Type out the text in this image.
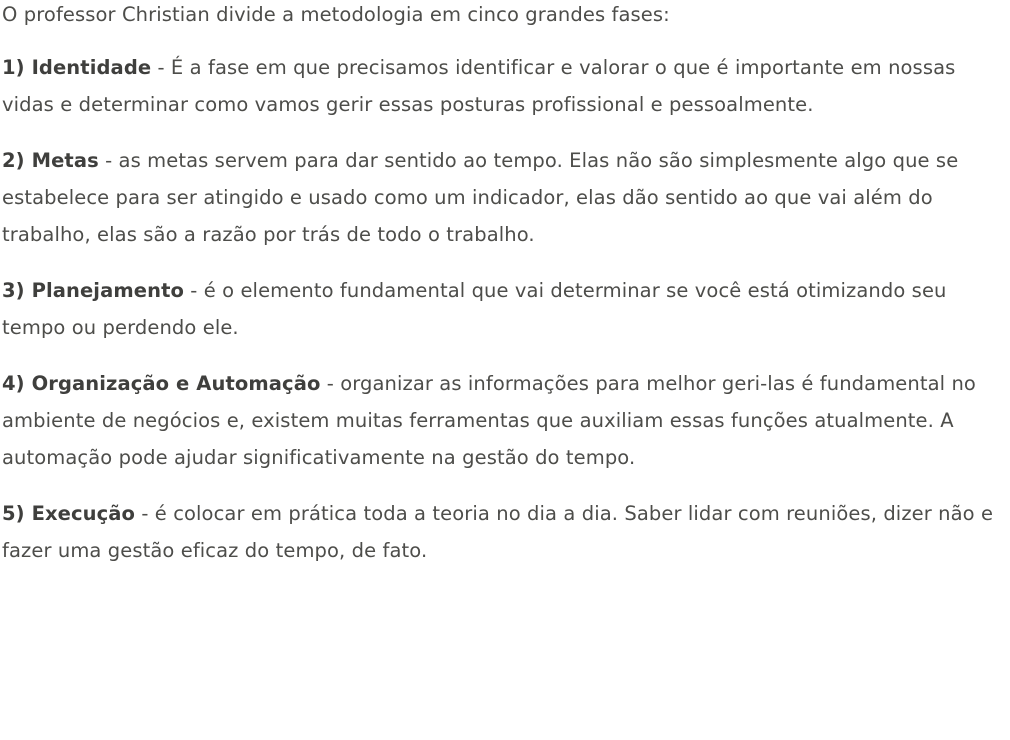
O professor Christian divide a metodologia em cinco grandes fases:

1) Identidade - É a fase em que precisamos identificar e valorar o que é importante em nossas vidas e determinar como vamos gerir essas posturas profissional e pessoalmente.

2) Metas - as metas servem para dar sentido ao tempo. Elas não são simplesmente algo que se estabelece para ser atingido e usado como um indicador, elas dão sentido ao que vai além do trabalho, elas são a razão por trás de todo o trabalho.

3) Planejamento - é o elemento fundamental que vai determinar se você está otimizando seu tempo ou perdendo ele.

4) Organização e Automação - organizar as informações para melhor geri-las é fundamental no ambiente de negócios e, existem muitas ferramentas que auxiliam essas funções atualmente. A automação pode ajudar significativamente na gestão do tempo.

5) Execução - é colocar em prática toda a teoria no dia a dia. Saber lidar com reuniões, dizer não e fazer uma gestão eficaz do tempo, de fato.
